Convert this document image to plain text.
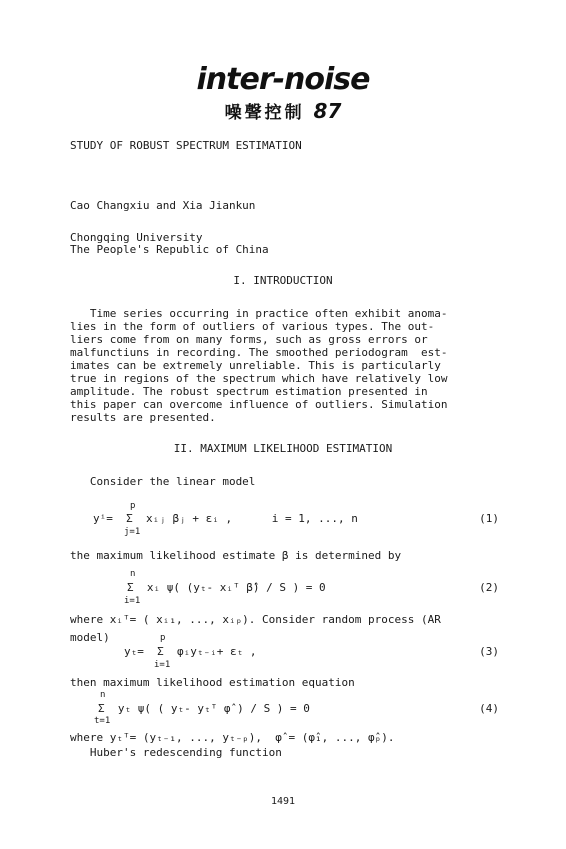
inter-noise
噪聲控制 87
STUDY OF ROBUST SPECTRUM ESTIMATION
Cao Changxiu and Xia Jiankun
Chongqing University
The People's Republic of China
I. INTRODUCTION
Time series occurring in practice often exhibit anoma-
lies in the form of outliers of various types. The out-
liers come from on many forms, such as gross errors or
malfunctiuns in recording. The smoothed periodogram  est-
imates can be extremely unreliable. This is particularly
true in regions of the spectrum which have relatively low
amplitude. The robust spectrum estimation presented in
this paper can overcome influence of outliers. Simulation
results are presented.
II. MAXIMUM LIKELIHOOD ESTIMATION
Consider the linear model
p
yⁱ=  Σ  xᵢⱼ βⱼ + εᵢ ,      i = 1, ..., n
j=1
(1)
the maximum likelihood estimate β is determined by
n
Σ  xᵢ ψ( (yₜ- xᵢᵀ β̂) / S ) = 0
i=1
(2)
where xᵢᵀ= ( xᵢ₁, ..., xᵢₚ). Consider random process (AR
model)	p
yₜ=  Σ  φᵢyₜ₋ᵢ+ εₜ ,
i=1
(3)
then maximum likelihood estimation equation
n
Σ  yₜ ψ( ( yₜ- yₜᵀ φ̂ ) / S ) = 0
t=1
(4)
where yₜᵀ= (yₜ₋₁, ..., yₜ₋ₚ),  φ̂ = (φ̂₁, ..., φ̂ₚ).
Huber's redescending function
1491
